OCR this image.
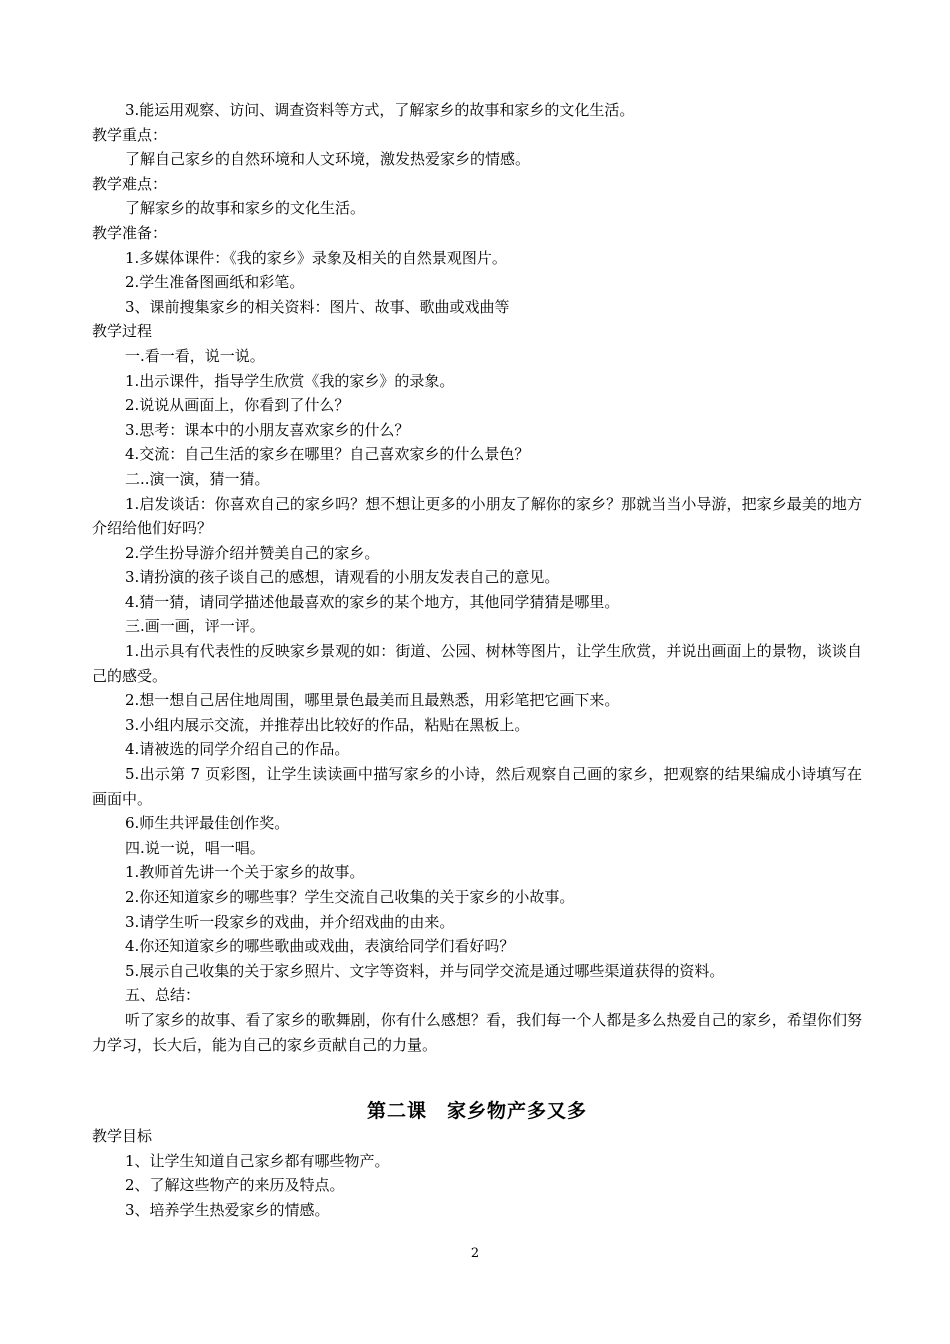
3.能运用观察、访问、调查资料等方式，了解家乡的故事和家乡的文化生活。

教学重点：

了解自己家乡的自然环境和人文环境，激发热爱家乡的情感。

教学难点：

了解家乡的故事和家乡的文化生活。

教学准备：

1.多媒体课件：《我的家乡》录象及相关的自然景观图片。

2.学生准备图画纸和彩笔。

3、课前搜集家乡的相关资料：图片、故事、歌曲或戏曲等

教学过程

一.看一看，说一说。

1.出示课件，指导学生欣赏《我的家乡》的录象。

2.说说从画面上，你看到了什么？

3.思考：课本中的小朋友喜欢家乡的什么？

4.交流：自己生活的家乡在哪里？自己喜欢家乡的什么景色？

二..演一演，猜一猜。

1.启发谈话：你喜欢自己的家乡吗？想不想让更多的小朋友了解你的家乡？那就当当小导游，把家乡最美的地方介绍给他们好吗？

2.学生扮导游介绍并赞美自己的家乡。

3.请扮演的孩子谈自己的感想，请观看的小朋友发表自己的意见。

4.猜一猜，请同学描述他最喜欢的家乡的某个地方，其他同学猜猜是哪里。

三.画一画，评一评。

1.出示具有代表性的反映家乡景观的如：街道、公园、树林等图片，让学生欣赏，并说出画面上的景物，谈谈自己的感受。

2.想一想自己居住地周围，哪里景色最美而且最熟悉，用彩笔把它画下来。

3.小组内展示交流，并推荐出比较好的作品，粘贴在黑板上。

4.请被选的同学介绍自己的作品。

5.出示第 7 页彩图，让学生读读画中描写家乡的小诗，然后观察自己画的家乡，把观察的结果编成小诗填写在画面中。

6.师生共评最佳创作奖。

四.说一说，唱一唱。

1.教师首先讲一个关于家乡的故事。

2.你还知道家乡的哪些事？学生交流自己收集的关于家乡的小故事。

3.请学生听一段家乡的戏曲，并介绍戏曲的由来。

4.你还知道家乡的哪些歌曲或戏曲，表演给同学们看好吗？

5.展示自己收集的关于家乡照片、文字等资料，并与同学交流是通过哪些渠道获得的资料。

五、总结：

听了家乡的故事、看了家乡的歌舞剧，你有什么感想？看，我们每一个人都是多么热爱自己的家乡，希望你们努力学习，长大后，能为自己的家乡贡献自己的力量。

第二课　家乡物产多又多

教学目标

1、让学生知道自己家乡都有哪些物产。

2、了解这些物产的来历及特点。

3、培养学生热爱家乡的情感。

2
